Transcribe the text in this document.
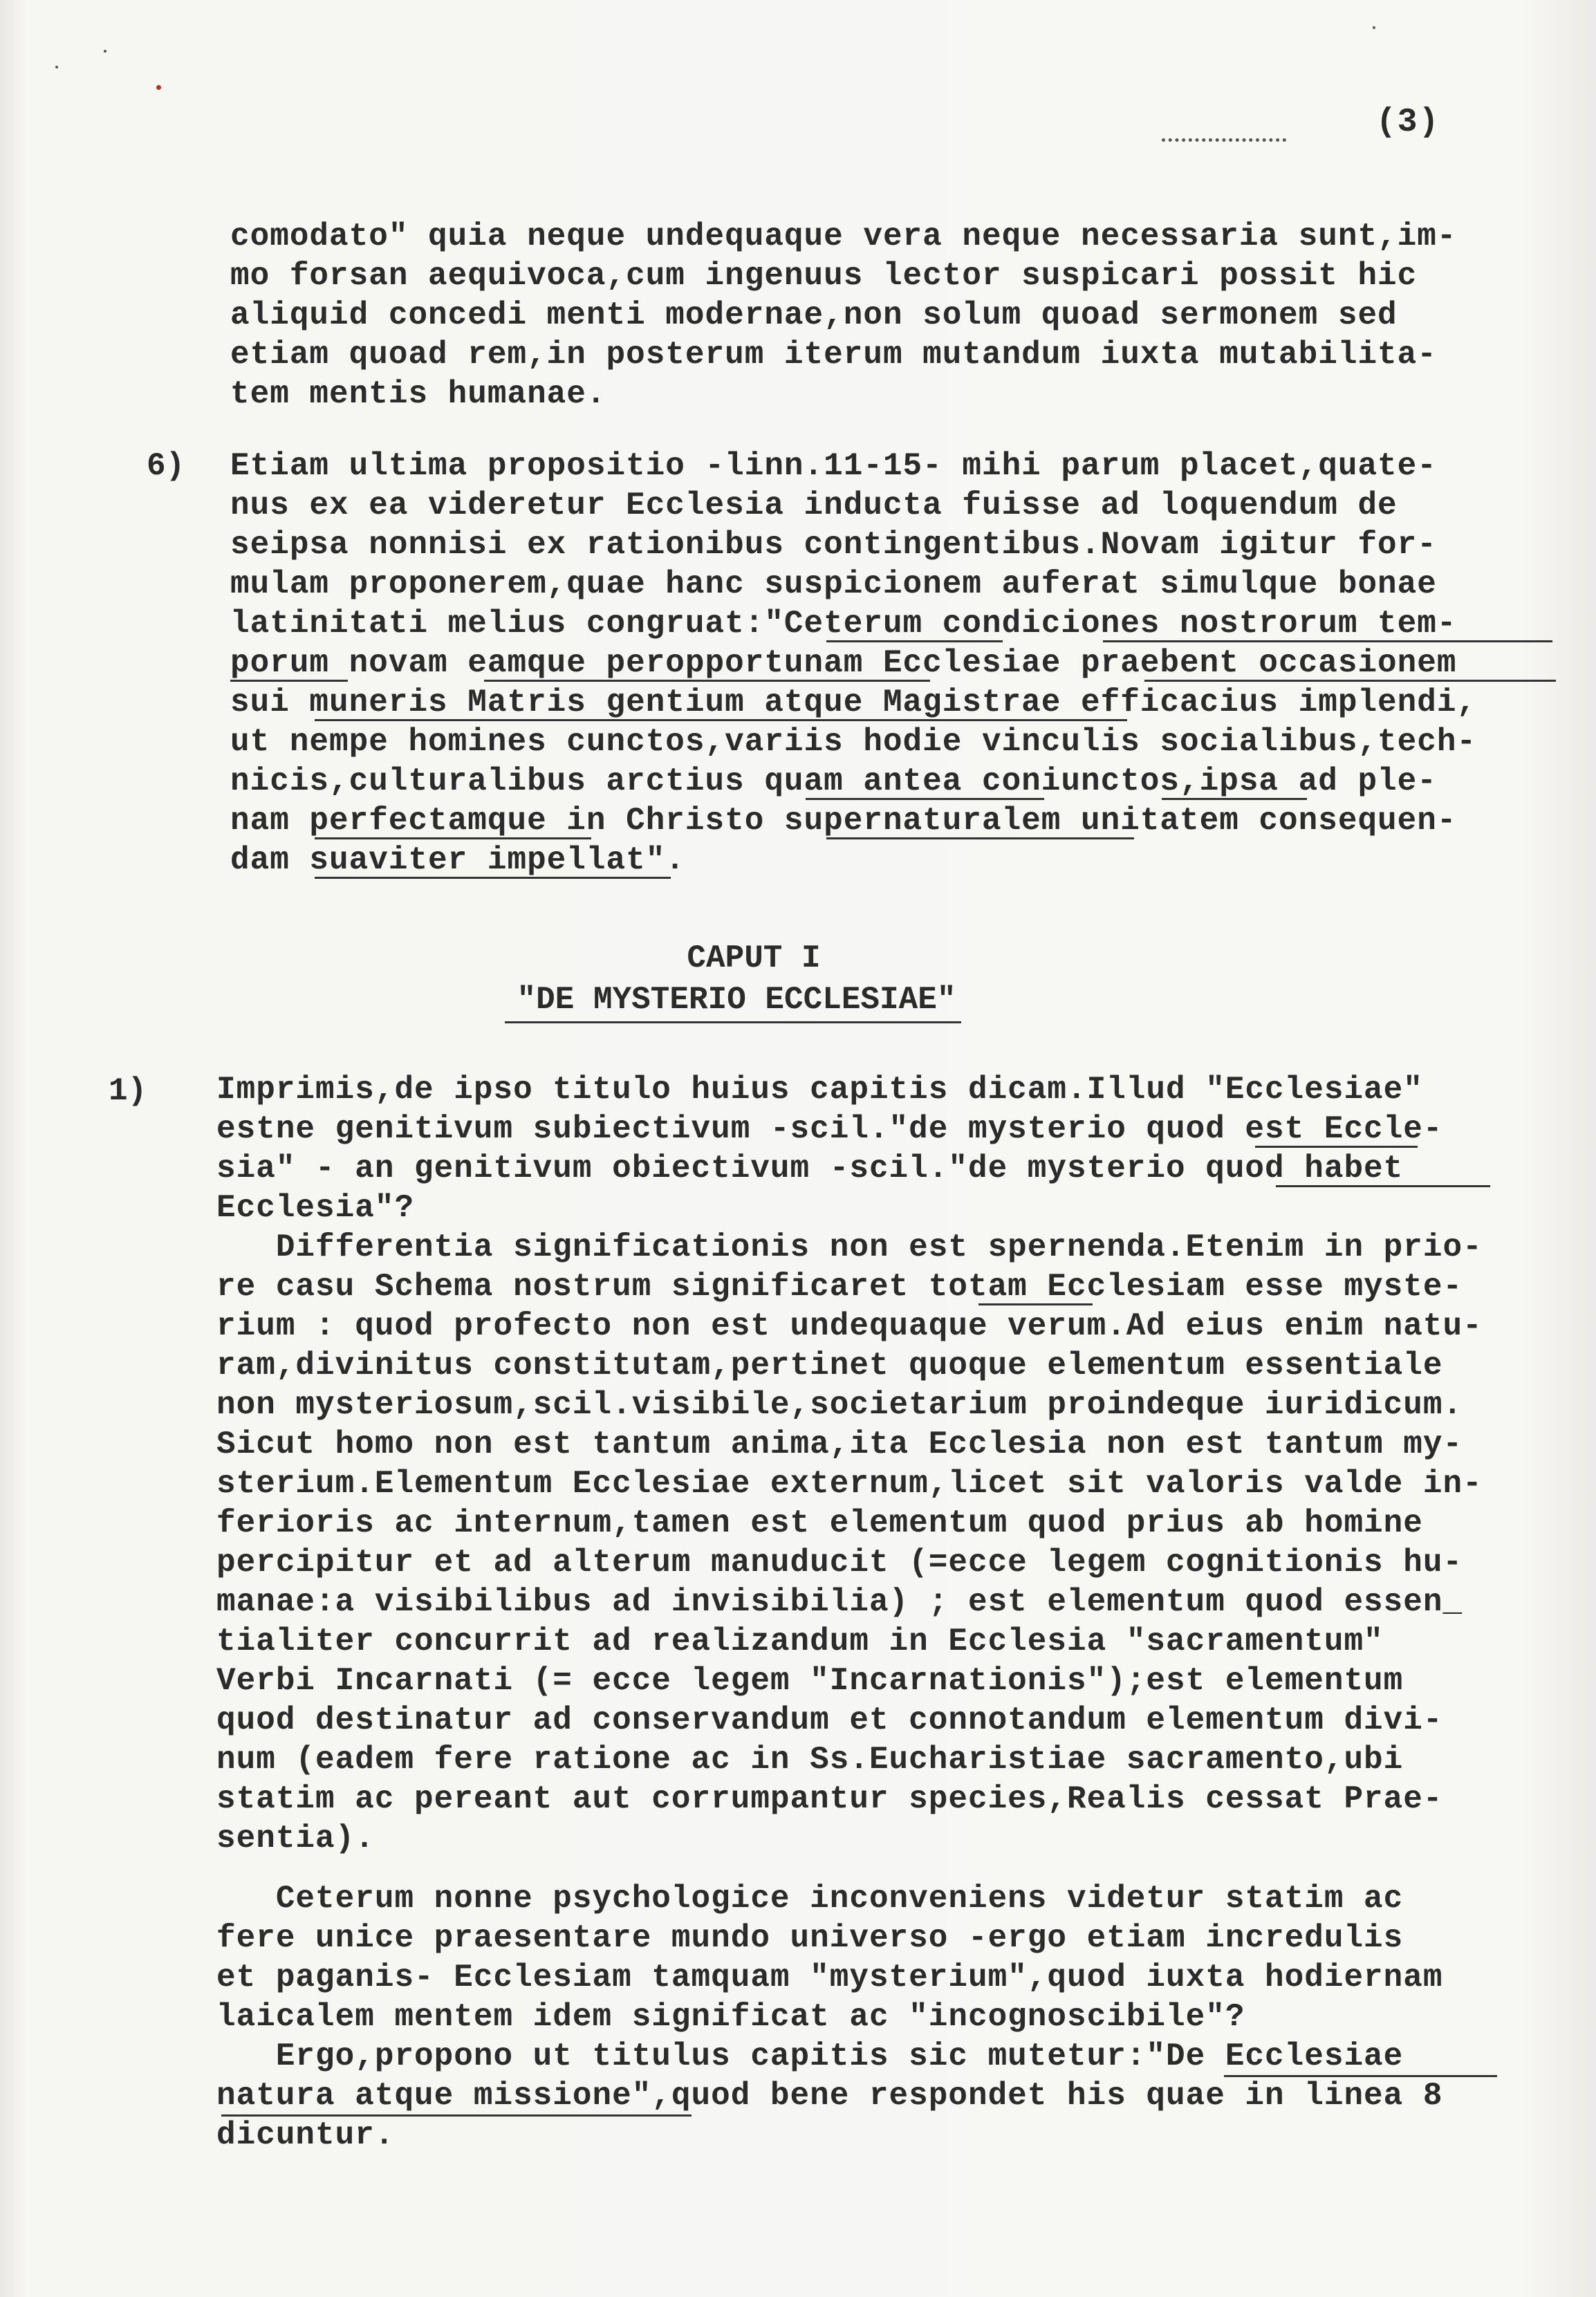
(3)
comodato" quia neque undequaque vera neque necessaria sunt,im-
mo forsan aequivoca,cum ingenuus lector suspicari possit hic
aliquid concedi menti modernae,non solum quoad sermonem sed
etiam quoad rem,in posterum iterum mutandum iuxta mutabilita-
tem mentis humanae.
6) Etiam ultima propositio -linn.11-15- mihi parum placet,quate-
nus ex ea videretur Ecclesia inducta fuisse ad loquendum de
seipsa nonnisi ex rationibus contingentibus.Novam igitur for-
mulam proponerem,quae hanc suspicionem auferat simulque bonae
latinitati melius congruat:"Ceterum condiciones nostrorum tem-
porum novam eamque peropportunam Ecclesiae praebent occasionem
sui muneris Matris gentium atque Magistrae efficacius implendi,
ut nempe homines cunctos,variis hodie vinculis socialibus,tech-
nicis,culturalibus arctius quam antea coniunctos,ipsa ad ple-
nam perfectamque in Christo supernaturalem unitatem consequen-
dam suaviter impellat".
CAPUT I
"DE MYSTERIO ECCLESIAE"
1) Imprimis,de ipso titulo huius capitis dicam.Illud "Ecclesiae"
estne genitivum subiectivum -scil."de mysterio quod est Eccle-
sia" - an genitivum obiectivum -scil."de mysterio quod habet
Ecclesia"?
Differentia significationis non est spernenda.Etenim in prio-
re casu Schema nostrum significaret totam Ecclesiam esse myste-
rium : quod profecto non est undequaque verum.Ad eius enim natu-
ram,divinitus constitutam,pertinet quoque elementum essentiale
non mysteriosum,scil.visibile,societarium proindeque iuridicum.
Sicut homo non est tantum anima,ita Ecclesia non est tantum my-
sterium.Elementum Ecclesiae externum,licet sit valoris valde in-
ferioris ac internum,tamen est elementum quod prius ab homine
percipitur et ad alterum manuducit (=ecce legem cognitionis hu-
manae:a visibilibus ad invisibilia) ; est elementum quod essen_
tialiter concurrit ad realizandum in Ecclesia "sacramentum"
Verbi Incarnati (= ecce legem "Incarnationis");est elementum
quod destinatur ad conservandum et connotandum elementum divi-
num (eadem fere ratione ac in Ss.Eucharistiae sacramento,ubi
statim ac pereant aut corrumpantur species,Realis cessat Prae-
sentia).
Ceterum nonne psychologice inconveniens videtur statim ac
fere unice praesentare mundo universo -ergo etiam incredulis
et paganis- Ecclesiam tamquam "mysterium",quod iuxta hodiernam
laicalem mentem idem significat ac "incognoscibile"?
Ergo,propono ut titulus capitis sic mutetur:"De Ecclesiae
natura atque missione",quod bene respondet his quae in linea 8
dicuntur.
